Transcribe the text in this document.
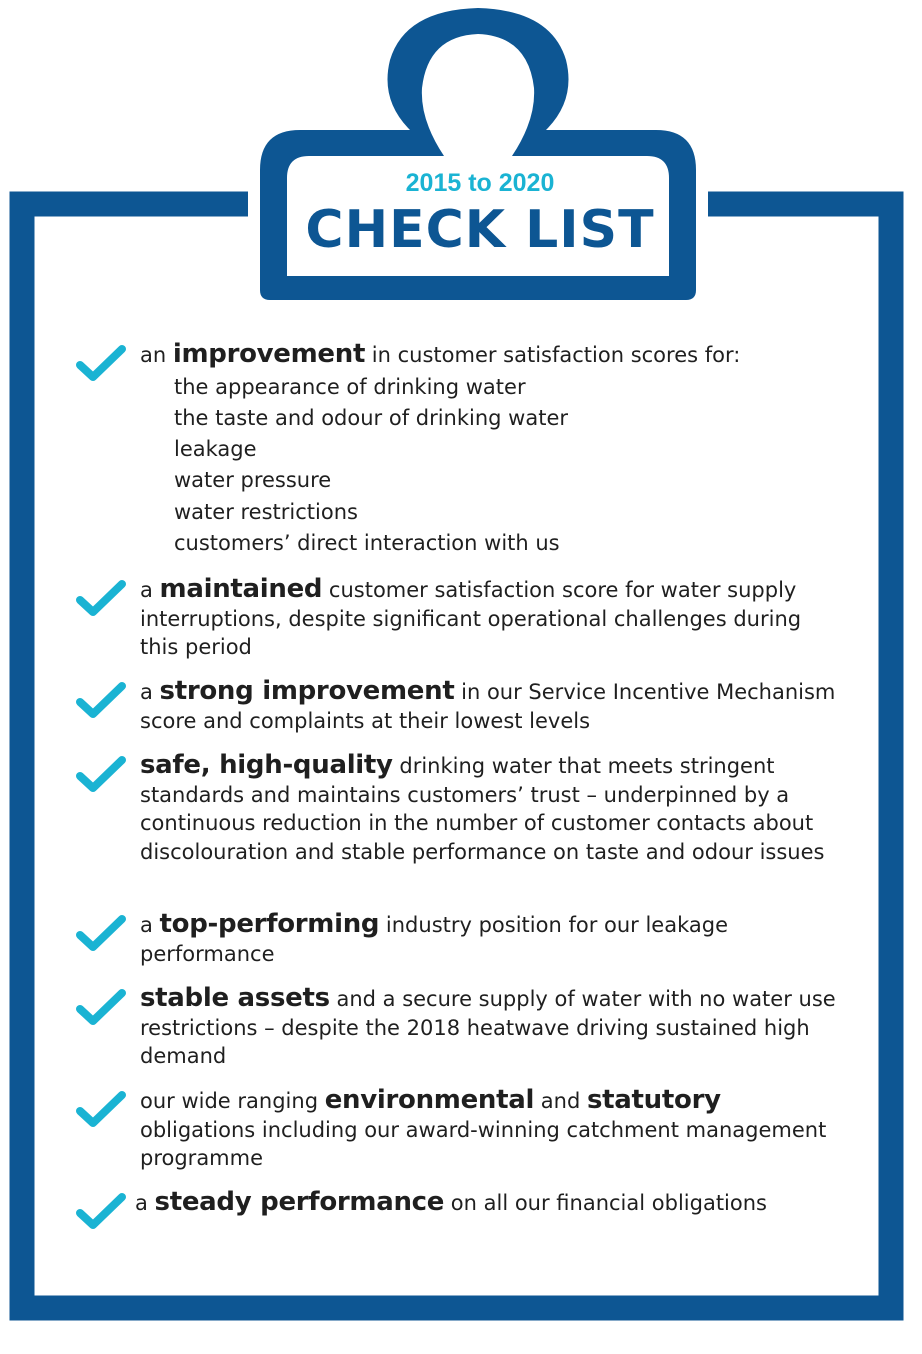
2015 to 2020
CHECK LIST
an improvement in customer satisfaction scores for:
the appearance of drinking water
the taste and odour of drinking water
leakage
water pressure
water restrictions
customers’ direct interaction with us
a maintained customer satisfaction score for water supply interruptions, despite significant operational challenges during this period
a strong improvement in our Service Incentive Mechanism score and complaints at their lowest levels
safe, high-quality drinking water that meets stringent standards and maintains customers’ trust – underpinned by a continuous reduction in the number of customer contacts about discolouration and stable performance on taste and odour issues
a top-performing industry position for our leakage performance
stable assets and a secure supply of water with no water use restrictions – despite the 2018 heatwave driving sustained high demand
our wide ranging environmental and statutory obligations including our award-winning catchment management programme
a steady performance on all our financial obligations
